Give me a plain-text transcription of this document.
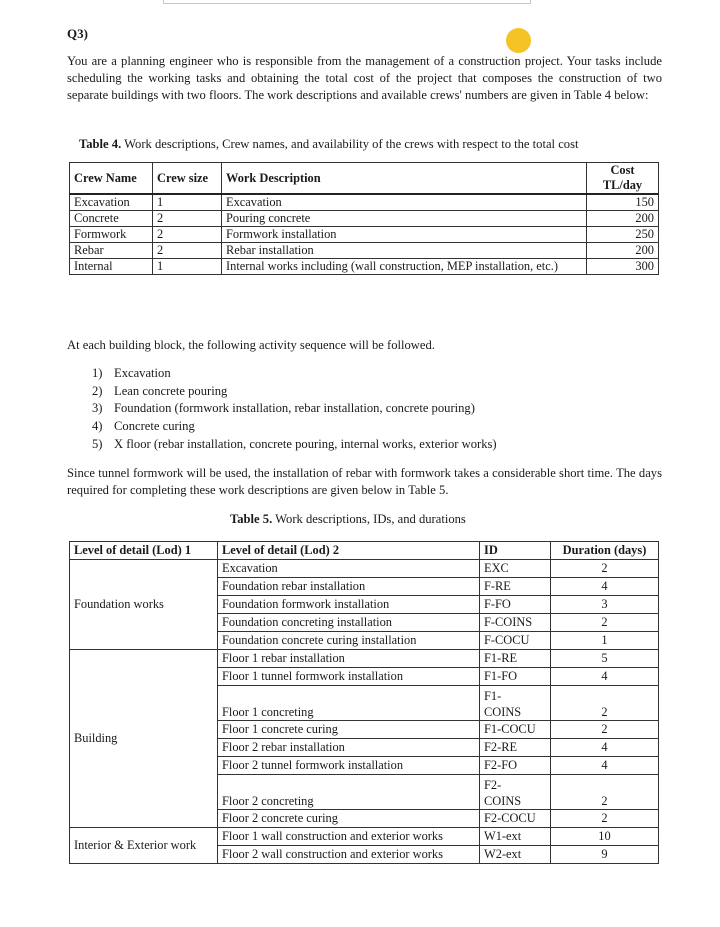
Q3)
You are a planning engineer who is responsible from the management of a construction project. Your tasks include scheduling the working tasks and obtaining the total cost of the project that composes the construction of two separate buildings with two floors. The work descriptions and available crews' numbers are given in Table 4 below:
Table 4. Work descriptions, Crew names, and availability of the crews with respect to the total cost
Crew Name	Crew size	Work Description	Cost TL/day
Excavation	1	Excavation	150
Concrete	2	Pouring concrete	200
Formwork	2	Formwork installation	250
Rebar	2	Rebar installation	200
Internal	1	Internal works including (wall construction, MEP installation, etc.)	300
At each building block, the following activity sequence will be followed.
1) Excavation
2) Lean concrete pouring
3) Foundation (formwork installation, rebar installation, concrete pouring)
4) Concrete curing
5) X floor (rebar installation, concrete pouring, internal works, exterior works)
Since tunnel formwork will be used, the installation of rebar with formwork takes a considerable short time. The days required for completing these work descriptions are given below in Table 5.
Table 5. Work descriptions, IDs, and durations
Level of detail (Lod) 1	Level of detail (Lod) 2	ID	Duration (days)
Foundation works	Excavation	EXC	2
	Foundation rebar installation	F-RE	4
	Foundation formwork installation	F-FO	3
	Foundation concreting installation	F-COINS	2
	Foundation concrete curing installation	F-COCU	1
Building	Floor 1 rebar installation	F1-RE	5
	Floor 1 tunnel formwork installation	F1-FO	4
	Floor 1 concreting	F1-
COINS	2
	Floor 1 concrete curing	F1-COCU	2
	Floor 2 rebar installation	F2-RE	4
	Floor 2 tunnel formwork installation	F2-FO	4
	Floor 2 concreting	F2-
COINS	2
	Floor 2 concrete curing	F2-COCU	2
Interior & Exterior work	Floor 1 wall construction and exterior works	W1-ext	10
	Floor 2 wall construction and exterior works	W2-ext	9
